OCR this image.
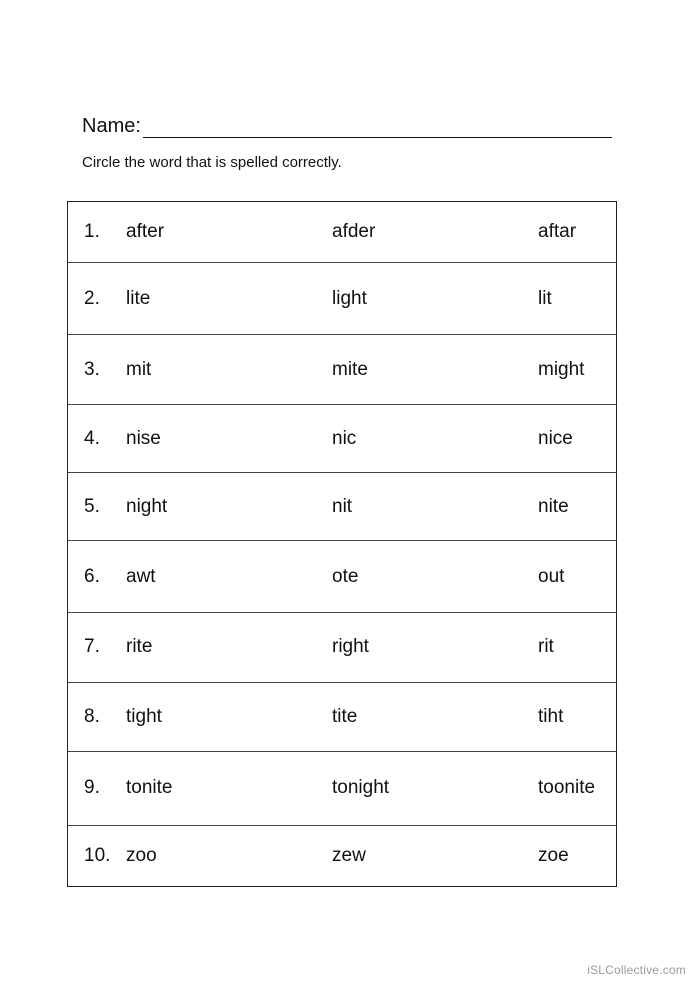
Name:
Circle the word that is spelled correctly.
1.	after	afder	aftar
2.	lite	light	lit
3.	mit	mite	might
4.	nise	nic	nice
5.	night	nit	nite
6.	awt	ote	out
7.	rite	right	rit
8.	tight	tite	tiht
9.	tonite	tonight	toonite
10.	zoo	zew	zoe
iSLCollective.com
